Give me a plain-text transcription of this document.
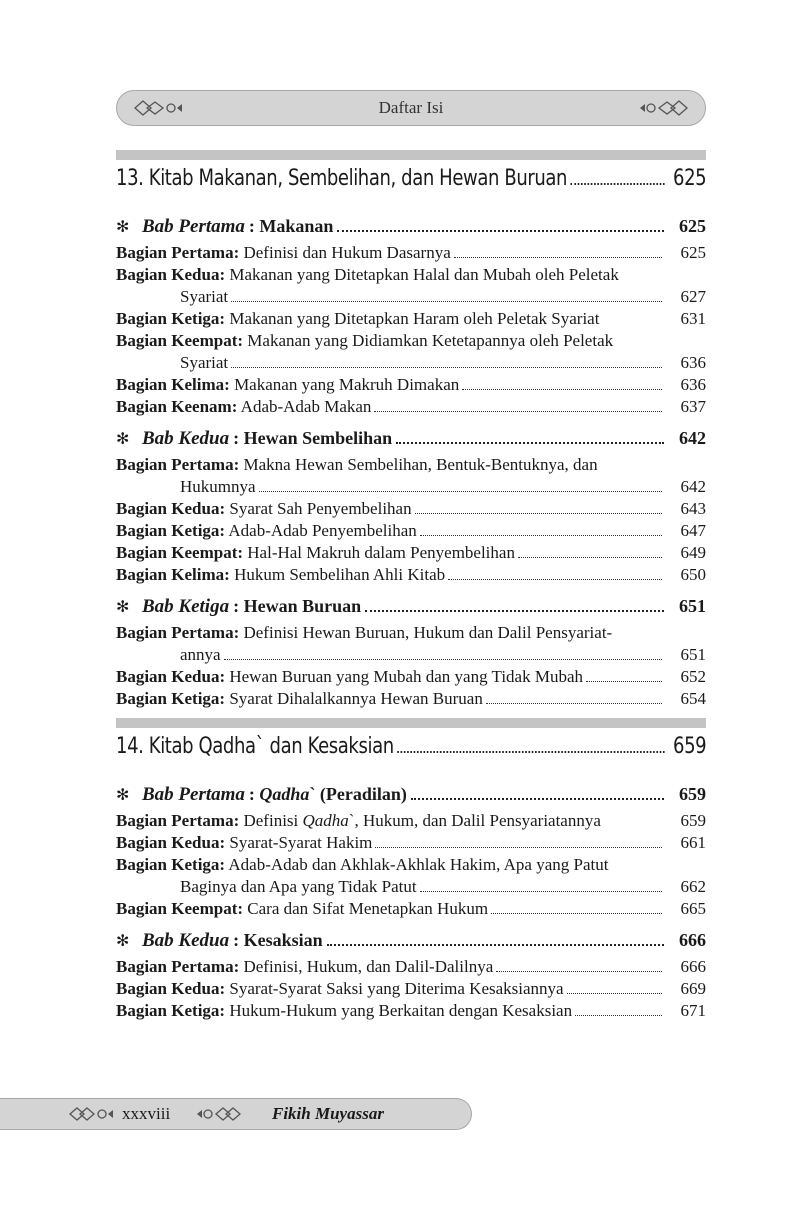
Daftar Isi
13. Kitab Makanan, Sembelihan, dan Hewan Buruan	625
✻ Bab Pertama : Makanan	625
Bagian Pertama: Definisi dan Hukum Dasarnya	625
Bagian Kedua: Makanan yang Ditetapkan Halal dan Mubah oleh Peletak
Syariat	627
Bagian Ketiga: Makanan yang Ditetapkan Haram oleh Peletak Syariat	631
Bagian Keempat: Makanan yang Didiamkan Ketetapannya oleh Peletak
Syariat	636
Bagian Kelima: Makanan yang Makruh Dimakan	636
Bagian Keenam: Adab-Adab Makan	637
✻ Bab Kedua : Hewan Sembelihan	642
Bagian Pertama: Makna Hewan Sembelihan, Bentuk-Bentuknya, dan
Hukumnya	642
Bagian Kedua: Syarat Sah Penyembelihan	643
Bagian Ketiga: Adab-Adab Penyembelihan	647
Bagian Keempat: Hal-Hal Makruh dalam Penyembelihan	649
Bagian Kelima: Hukum Sembelihan Ahli Kitab	650
✻ Bab Ketiga : Hewan Buruan	651
Bagian Pertama: Definisi Hewan Buruan, Hukum dan Dalil Pensyariat-
annya	651
Bagian Kedua: Hewan Buruan yang Mubah dan yang Tidak Mubah	652
Bagian Ketiga: Syarat Dihalalkannya Hewan Buruan	654
14. Kitab Qadha` dan Kesaksian	659
✻ Bab Pertama : Qadha` (Peradilan)	659
Bagian Pertama: Definisi Qadha`, Hukum, dan Dalil Pensyariatannya	659
Bagian Kedua: Syarat-Syarat Hakim	661
Bagian Ketiga: Adab-Adab dan Akhlak-Akhlak Hakim, Apa yang Patut
Baginya dan Apa yang Tidak Patut	662
Bagian Keempat: Cara dan Sifat Menetapkan Hukum	665
✻ Bab Kedua : Kesaksian	666
Bagian Pertama: Definisi, Hukum, dan Dalil-Dalilnya	666
Bagian Kedua: Syarat-Syarat Saksi yang Diterima Kesaksiannya	669
Bagian Ketiga: Hukum-Hukum yang Berkaitan dengan Kesaksian	671
xxxviii	Fikih Muyassar
